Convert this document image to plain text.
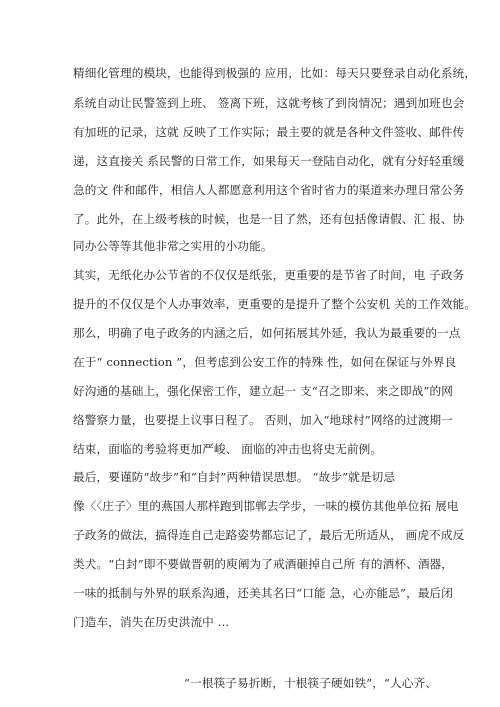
精细化管理的模块，也能得到极强的 应用，比如：每天只要登录自动化系统，
系统自动让民警签到上班、 签离下班，这就考核了到岗情况；遇到加班也会
有加班的记录，这就 反映了工作实际；最主要的就是各种文件签收、邮件传
递，这直接关 系民警的日常工作，如果每天一登陆自动化，就有分好轻重缓
急的文 件和邮件，相信人人都愿意利用这个省时省力的渠道来办理日常公务
了。此外，在上级考核的时候，也是一目了然，还有包括像请假、汇 报、协
同办公等等其他非常之实用的小功能。
其实，无纸化办公节省的不仅仅是纸张，更重要的是节省了时间，电 子政务
提升的不仅仅是个人办事效率，更重要的是提升了整个公安机 关的工作效能。
那么，明确了电子政务的内涵之后，如何拓展其外延，我认为最重要的一点
在于“ connection ”，但考虑到公安工作的特殊 性，如何在保证与外界良
好沟通的基础上，强化保密工作，建立起一 支“召之即来、来之即战”的网
络警察力量，也要提上议事日程了。 否则，加入“地球村”网络的过渡期一
结束，面临的考验将更加严峻、 面临的冲击也将史无前例。
最后，要谨防“故步”和“自封”两种错误思想。 “故步”就是切忌
像〈〈庄子〉里的燕国人那样跑到邯郸去学步，一味的模仿其他单位拓 展电
子政务的做法，搞得连自己走路姿势都忘记了，最后无所适从， 画虎不成反
类犬。“白封”即不要做晋朝的庾阐为了戒酒砸掉自己所 有的酒杯、酒器，
一味的抵制与外界的联系沟通，还美其名曰“口能 急，心亦能忌”，最后闭
门造车，消失在历史洪流中 ...
“一根筷子易折断，十根筷子硬如铁”，“人心齐、
